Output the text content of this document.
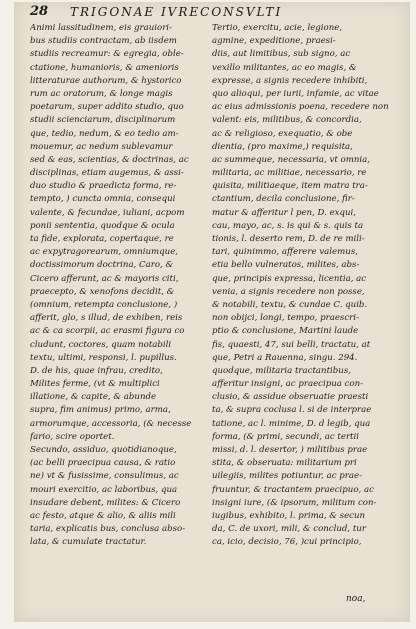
28 TRIGONAE IVRECONSVLTI
Animi lassitudinem, eis grauiori-
bus studiis contractam, ab iisdem
studiis recreamur: & egregia, oble-
ctatione, humanioris, & amenioris
litteraturae authorum, & hystorico
rum ac oratorum, & longe magis
poetarum, super addito studio, quo
studii scienciarum, disciplinarum
que, tedio, nedum, & eo tedio am-
mouemur, ac nedum sublevamur
sed & eas, scientias, & doctrinas, ac
disciplinas, etiam augemus, & assi-
duo studio & praedicta forma, re-
tempto, ) cuncta omnia, consequi
valente, & fecundae, iuliani, acpom
ponii sententia, quodque & ocula
ta fide, explorata, copertaque, re
ac expytragorearum, omniumque,
doctissimorum doctrina, Caro, &
Cicero afferunt, ac & mayoris citi,
praecepto, & xenofons decidit, &
(omnium, retempta conclusione, )
afferit, glo, s illud, de exhiben, reis
ac & ca scorpii, ac erasmi figura co
cludunt, coctores, quam notabili
textu, ultimi, responsi, l. pupillus.
D. de his, quae infrau, credito,
Milites ferme, (vt & multiplici
illatione, & capite, & abunde
supra, fim animus) primo, arma,
armorumque, accessoria, (& necesse
fario, scire oportet.
Secundo, assiduo, quotidianoque,
(ac belli praecipua causa, & ratio
ne) vt & fusissime, consulimus, ac
mouri exercitio, ac laboribus, qua
insudare debent, milites: & Cicero
ac festo, atque & alio, & aliis mili
taria, explicatis bus, conclusa abso-
lata, & cumulate tractatur.
Tertio, exercitu, acie, legione,
agmine, expeditione, praesi-
diis, aut limitibus, sub signo, ac
vexillo militantes, ac eo magis, &
expresse, a signis recedere inhibiti,
quo alioqui, per iurii, infamie, ac vitae
ac eius admissionis poena, recedere non
valent: eis, militibus, & concordia,
ac & religioso, exequatio, & obe
dientia, (pro maxime,) requisita,
ac summeque, necessaria, vt omnia,
militaria, ac militiae, necessario, re
quisita, militiaeque, item matra tra-
ctantium, decila conclusione, fir-
matur & afferitur l pen, D. exqui,
cau, mayo, ac, s. is qui & s. quis ta
tionis, l. deserto rem, D. de re mili-
tari, quinimmo, afferere valemus,
etia bello vulneratos, milites, abs-
que, principis expressa, licentia, ac
venia, a signis recedere non posse,
& notabili, textu, & cundae C. quib.
non obijci, longi, tempo, praescri-
ptio & conclusione, Martini laude
fis, quaesti, 47, sui belli, tractatu, at
que, Petri a Rauenna, singu. 294.
quodque, militaria tractantibus,
afferitur insigni, ac praecipua con-
clusio, & assidue obseruatie praesti
ta, & supra coclusa l. si de interprae
tatione, ac l. minime, D. d legib, qua
forma, (& primi, secundi, ac tertii
missi, d. l. desertor, ) militibus prae
stita, & obseruata: militarium pri
uilegiis, milites potiuntur, ac prae-
fruuntur, & tractantem praecipuo, ac
insigni iure, (& ipsorum, militum con-
iugibus, exhibito, l. prima, & secun
da, C. de uxori, mili, & conclud, tur
ca, icio, decisio, 76, )cui principio,
noa,
